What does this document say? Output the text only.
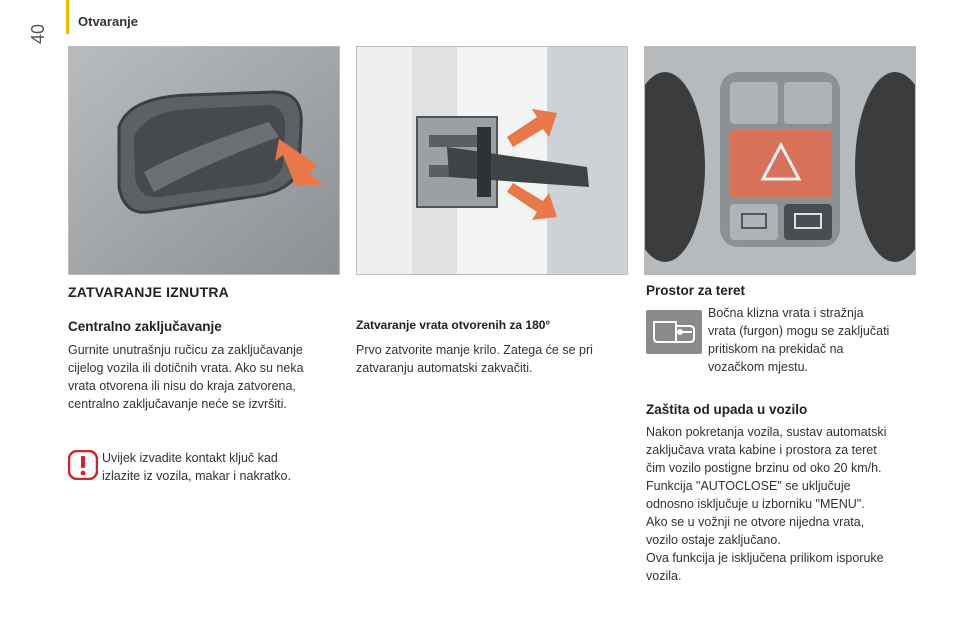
40
Otvaranje
ZATVARANJE IZNUTRA
Centralno zaključavanje
Gurnite unutrašnju ručicu za zaključavanje
cijelog vozila ili dotičnih vrata. Ako su neka
vrata otvorena ili nisu do kraja zatvorena,
centralno zaključavanje neće se izvršiti.
Uvijek izvadite kontakt ključ kad
izlazite iz vozila, makar i nakratko.
Zatvaranje vrata otvorenih za 180°
Prvo zatvorite manje krilo. Zatega će se pri
zatvaranju automatski zakvačiti.
Prostor za teret
Bočna klizna vrata i stražnja
vrata (furgon) mogu se zaključati
pritiskom na prekidač na
vozačkom mjestu.
Zaštita od upada u vozilo
Nakon pokretanja vozila, sustav automatski
zaključava vrata kabine i prostora za teret
čim vozilo postigne brzinu od oko 20 km/h.
Funkcija "AUTOCLOSE" se uključuje
odnosno isključuje u izborniku "MENU".
Ako se u vožnji ne otvore nijedna vrata,
vozilo ostaje zaključano.
Ova funkcija je isključena prilikom isporuke
vozila.
